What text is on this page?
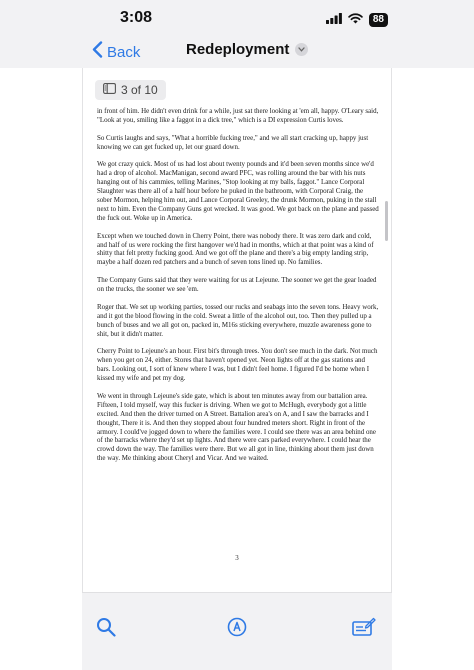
3:08	88
Back	Redeployment
3 of 10

in front of him. He didn't even drink for a while, just sat there looking at 'em all, happy. O'Leary said, "Look at you, smiling like a faggot in a dick tree," which is a DI expression Curtis loves.

So Curtis laughs and says, "What a horrible fucking tree," and we all start cracking up, happy just knowing we can get fucked up, let our guard down.

We got crazy quick. Most of us had lost about twenty pounds and it'd been seven months since we'd had a drop of alcohol. MacManigan, second award PFC, was rolling around the bar with his nuts hanging out of his cammies, telling Marines, "Stop looking at my balls, faggot." Lance Corporal Slaughter was there all of a half hour before he puked in the bathroom, with Corporal Craig, the sober Mormon, helping him out, and Lance Corporal Greeley, the drunk Mormon, puking in the stall next to him. Even the Company Guns got wrecked. It was good. We got back on the plane and passed the fuck out. Woke up in America.

Except when we touched down in Cherry Point, there was nobody there. It was zero dark and cold, and half of us were rocking the first hangover we'd had in months, which at that point was a kind of shitty that felt pretty fucking good. And we got off the plane and there's a big empty landing strip, maybe a half dozen red patchers and a bunch of seven tons lined up. No families.

The Company Guns said that they were waiting for us at Lejeune. The sooner we get the gear loaded on the trucks, the sooner we see 'em.

Roger that. We set up working parties, tossed our rucks and seabags into the seven tons. Heavy work, and it got the blood flowing in the cold. Sweat a little of the alcohol out, too. Then they pulled up a bunch of buses and we all got on, packed in, M16s sticking everywhere, muzzle awareness gone to shit, but it didn't matter.

Cherry Point to Lejeune's an hour. First bit's through trees. You don't see much in the dark. Not much when you get on 24, either. Stores that haven't opened yet. Neon lights off at the gas stations and bars. Looking out, I sort of knew where I was, but I didn't feel home. I figured I'd be home when I kissed my wife and pet my dog.

We went in through Lejeune's side gate, which is about ten minutes away from our battalion area. Fifteen, I told myself, way this fucker is driving. When we got to McHugh, everybody got a little excited. And then the driver turned on A Street. Battalion area's on A, and I saw the barracks and I thought, There it is. And then they stopped about four hundred meters short. Right in front of the armory. I could've jogged down to where the families were. I could see there was an area behind one of the barracks where they'd set up lights. And there were cars parked everywhere. I could hear the crowd down the way. The families were there. But we all got in line, thinking about them just down the way. Me thinking about Cheryl and Vicar. And we waited.

3
